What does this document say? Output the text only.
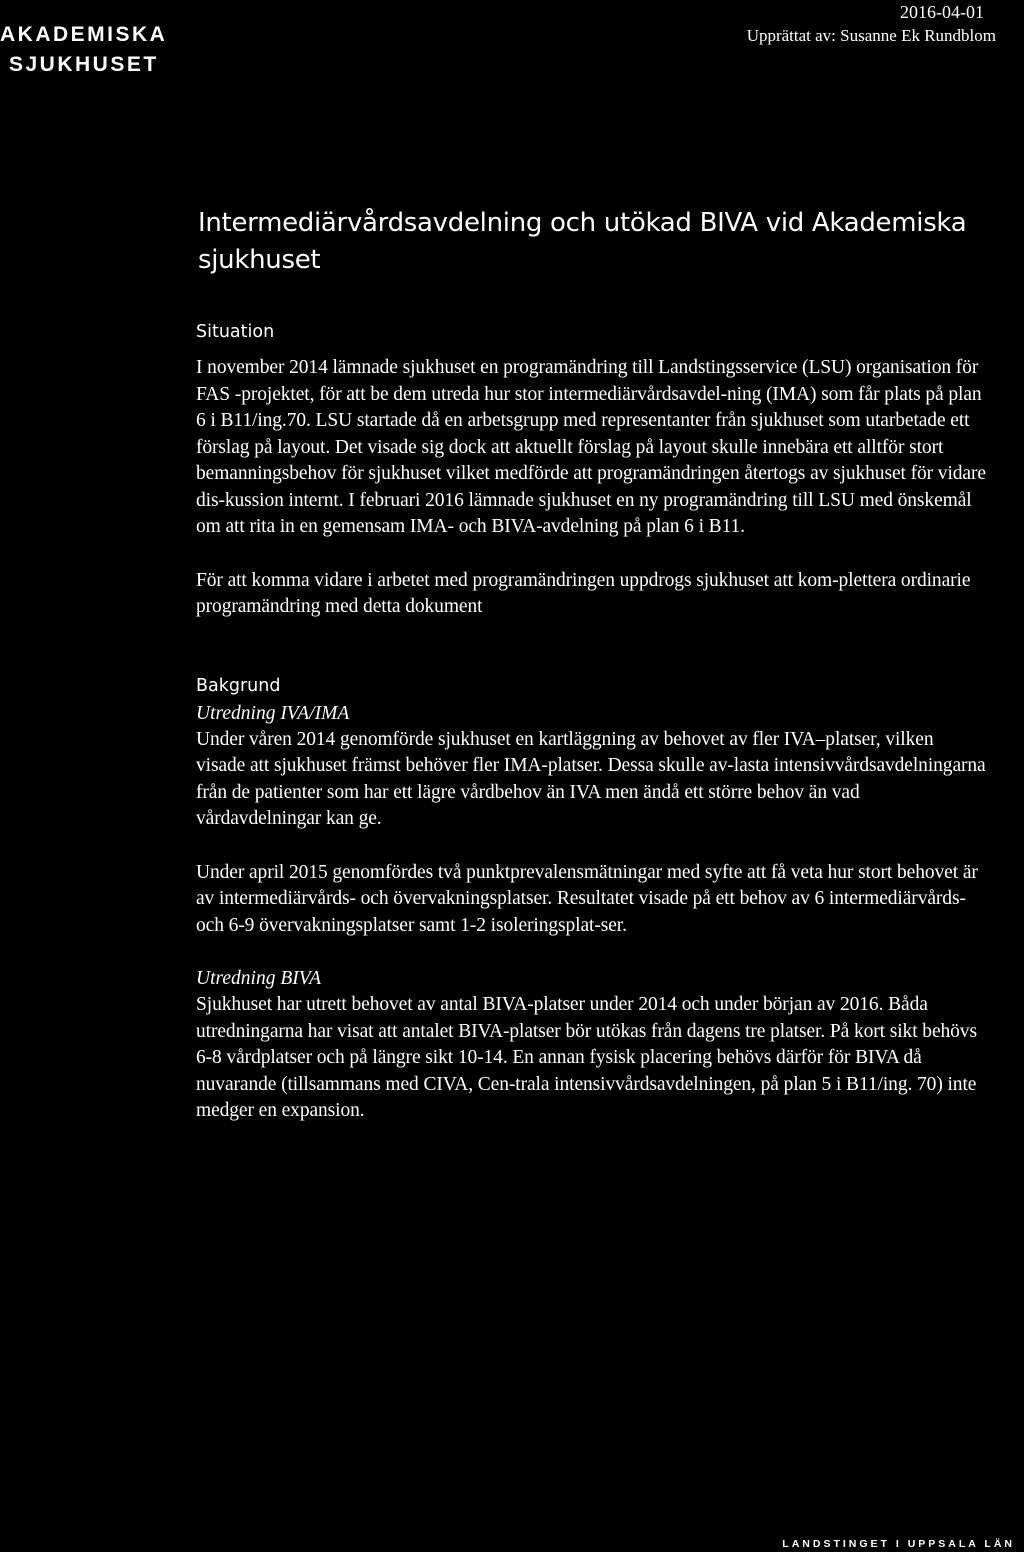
AKADEMISKA
SJUKHUSET
2016-04-01
Upprättat av: Susanne Ek Rundblom
Intermediärvårdsavdelning och utökad BIVA vid Akademiska sjukhuset
Situation

I november 2014 lämnade sjukhuset en programändring till Landstingsservice (LSU) organisation för FAS -projektet, för att be dem utreda hur stor intermediärvårdsavdel-ning (IMA) som får plats på plan 6 i B11/ing.70. LSU startade då en arbetsgrupp med representanter från sjukhuset som utarbetade ett förslag på layout. Det visade sig dock att aktuellt förslag på layout skulle innebära ett alltför stort bemanningsbehov för sjukhuset vilket medförde att programändringen återtogs av sjukhuset för vidare dis-kussion internt. I februari 2016 lämnade sjukhuset en ny programändring till LSU med önskemål om att rita in en gemensam IMA- och BIVA-avdelning på plan 6 i B11.

För att komma vidare i arbetet med programändringen uppdrogs sjukhuset att kom-plettera ordinarie programändring med detta dokument

Bakgrund

Utredning IVA/IMA

Under våren 2014 genomförde sjukhuset en kartläggning av behovet av fler IVA–platser, vilken visade att sjukhuset främst behöver fler IMA-platser. Dessa skulle av-lasta intensivvårdsavdelningarna från de patienter som har ett lägre vårdbehov än IVA men ändå ett större behov än vad vårdavdelningar kan ge.

Under april 2015 genomfördes två punktprevalensmätningar med syfte att få veta hur stort behovet är av intermediärvårds- och övervakningsplatser. Resultatet visade på ett behov av 6 intermediärvårds- och 6-9 övervakningsplatser samt 1-2 isoleringsplat-ser.

Utredning BIVA

Sjukhuset har utrett behovet av antal BIVA-platser under 2014 och under början av 2016. Båda utredningarna har visat att antalet BIVA-platser bör utökas från dagens tre platser. På kort sikt behövs 6-8 vårdplatser och på längre sikt 10-14. En annan fysisk placering behövs därför för BIVA då nuvarande (tillsammans med CIVA, Cen-trala intensivvårdsavdelningen, på plan 5 i B11/ing. 70) inte medger en expansion.

LANDSTINGET I UPPSALA LÄN
